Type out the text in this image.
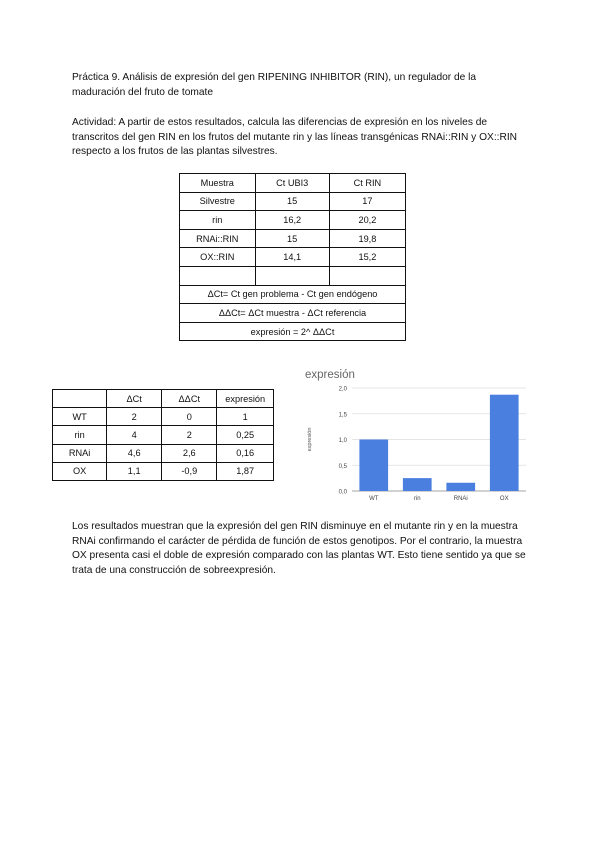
Práctica 9. Análisis de expresión del gen RIPENING INHIBITOR (RIN), un regulador de la maduración del fruto de tomate

Actividad: A partir de estos resultados, calcula las diferencias de expresión en los niveles de transcritos del gen RIN en los frutos del mutante rin y las líneas transgénicas RNAi::RIN y OX::RIN respecto a los frutos de las plantas silvestres.

Muestra	Ct UBI3	Ct RIN
Silvestre	15	17
rin	16,2	20,2
RNAi::RIN	15	19,8
OX::RIN	14,1	15,2

ΔCt= Ct gen problema - Ct gen endógeno		
ΔΔCt= ΔCt muestra - ΔCt referencia		
expresión = 2^ ΔΔCt		
	ΔCt	ΔΔCt	expresión
WT	2	0	1
rin	4	2	0,25
RNAi	4,6	2,6	0,16
OX	1,1	-0,9	1,87
expresión
0,0
0,5
1,0
1,5
2,0
expresión
WT	rin	RNAi	OX

Los resultados muestran que la expresión del gen RIN disminuye en el mutante rin y en la muestra RNAi confirmando el carácter de pérdida de función de estos genotipos. Por el contrario, la muestra OX presenta casi el doble de expresión comparado con las plantas WT. Esto tiene sentido ya que se trata de una construcción de sobreexpresión.
